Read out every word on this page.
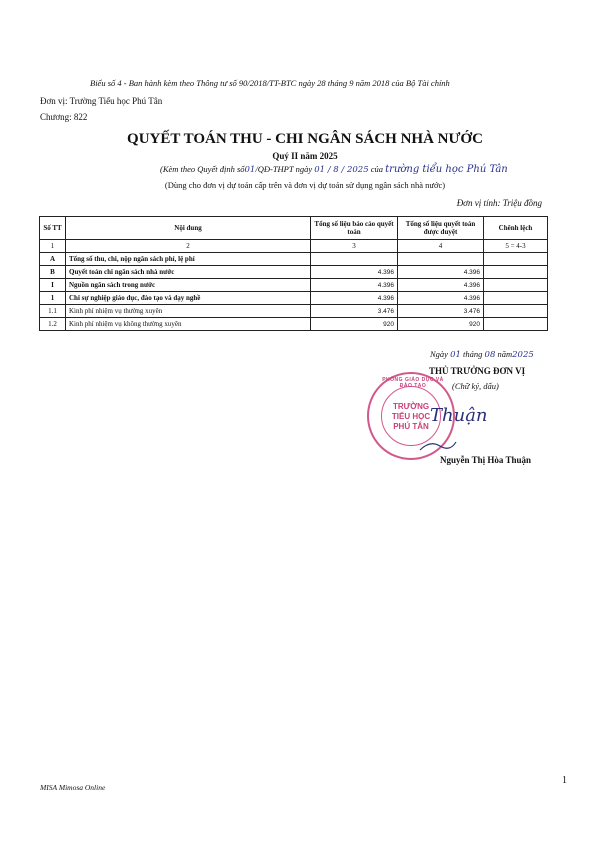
Biểu số 4 - Ban hành kèm theo Thông tư số 90/2018/TT-BTC ngày 28 tháng 9 năm 2018 của Bộ Tài chính
Đơn vị: Trường Tiểu học Phú Tân
Chương: 822
QUYẾT TOÁN THU - CHI NGÂN SÁCH NHÀ NƯỚC
Quý II năm 2025
(Kèm theo Quyết định số01/QĐ-THPT ngày 01 / 8 / 2025 của trường tiểu học Phú Tân
(Dùng cho đơn vị dự toán cấp trên và đơn vị dự toán sử dụng ngân sách nhà nước)
Đơn vị tính: Triệu đồng
Số TT	Nội dung	Tổng số liệu báo cáo quyết toán	Tổng số liệu quyết toán được duyệt	Chênh lệch
1	2	3	4	5 = 4-3
A	Tổng số thu, chi, nộp ngân sách phí, lệ phí			
B	Quyết toán chi ngân sách nhà nước	4.396	4.396	
I	Nguồn ngân sách trong nước	4.396	4.396	
1	Chi sự nghiệp giáo dục, đào tạo và dạy nghề	4.396	4.396	
1.1	Kinh phí nhiệm vụ thường xuyên	3.476	3.476	
1.2	Kinh phí nhiệm vụ không thường xuyên	920	920	
Ngày 01 tháng 08 năm2025
THỦ TRƯỞNG ĐƠN VỊ
(Chữ ký, dấu)
PHÒNG GIÁO DỤC VÀ ĐÀO TẠO
TRƯỜNG
TIỂU HỌC
PHÚ TÂN
Thuận
Nguyễn Thị Hòa Thuận
MISA Mimosa Online
1
